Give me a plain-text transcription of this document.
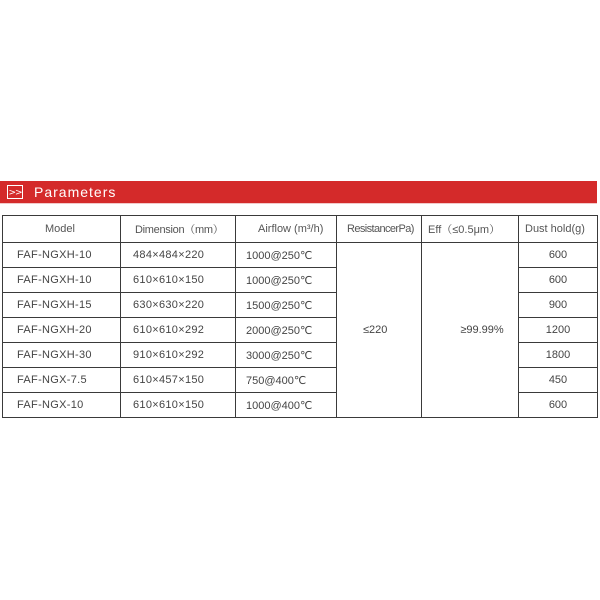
>> Parameters
Model	Dimension（mm）	Airflow (m³/h)	ResistancerPa)	Eff（≤0.5μm）	Dust hold(g)
FAF-NGXH-10	484×484×220	1000@250℃	≤220	≥99.99%	600
FAF-NGXH-10	610×610×150	1000@250℃			600
FAF-NGXH-15	630×630×220	1500@250℃			900
FAF-NGXH-20	610×610×292	2000@250℃			1200
FAF-NGXH-30	910×610×292	3000@250℃			1800
FAF-NGX-7.5	610×457×150	750@400℃			450
FAF-NGX-10	610×610×150	1000@400℃			600
